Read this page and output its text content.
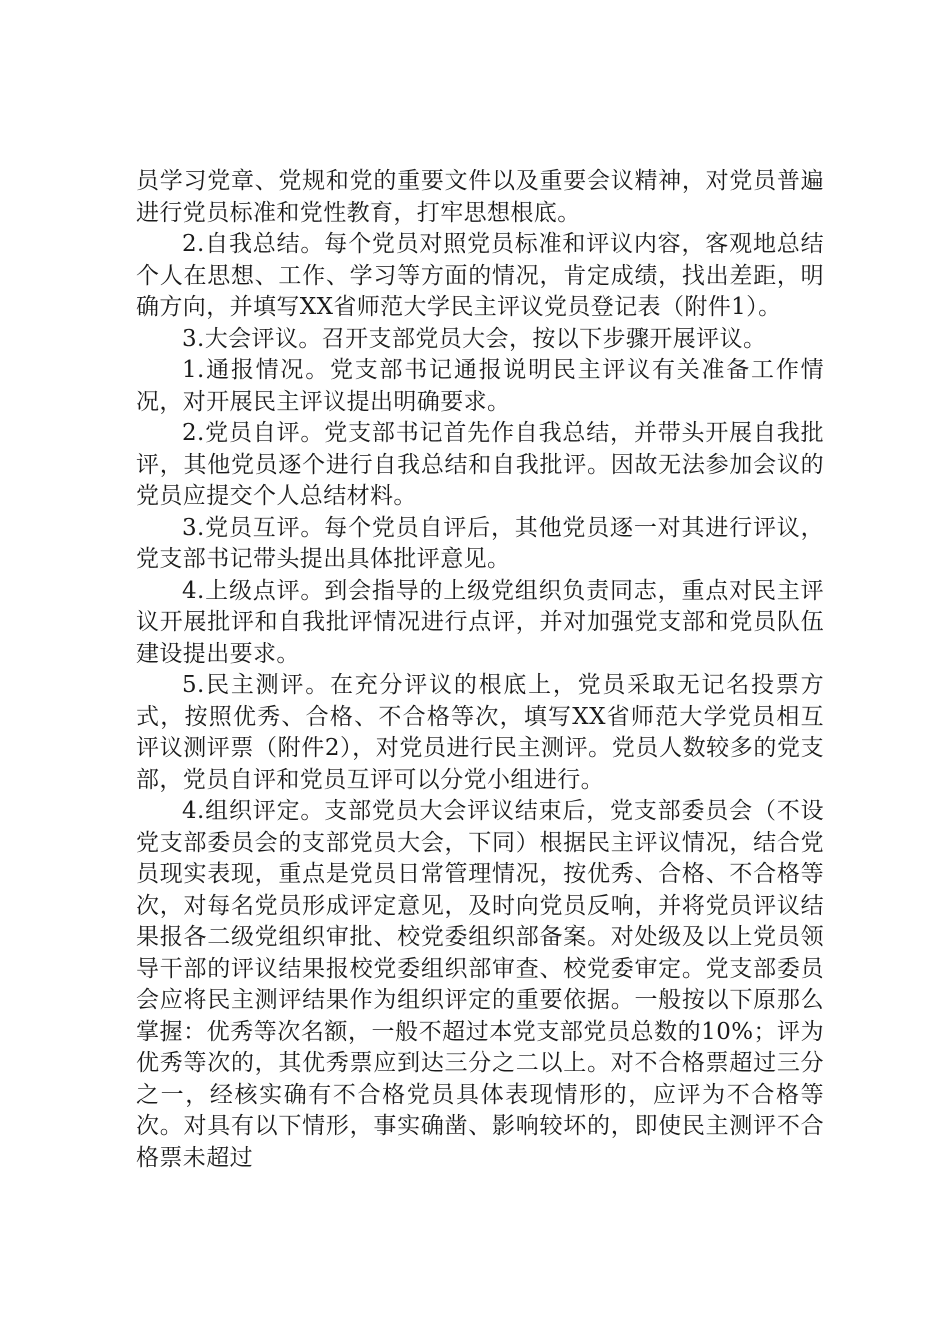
员学习党章、党规和党的重要文件以及重要会议精神，对党员普遍进行党员标准和党性教育，打牢思想根底。

2.自我总结。每个党员对照党员标准和评议内容，客观地总结个人在思想、工作、学习等方面的情况，肯定成绩，找出差距，明确方向，并填写XX省师范大学民主评议党员登记表（附件1）。

3.大会评议。召开支部党员大会，按以下步骤开展评议。

1.通报情况。党支部书记通报说明民主评议有关准备工作情况，对开展民主评议提出明确要求。

2.党员自评。党支部书记首先作自我总结，并带头开展自我批评，其他党员逐个进行自我总结和自我批评。因故无法参加会议的党员应提交个人总结材料。

3.党员互评。每个党员自评后，其他党员逐一对其进行评议，党支部书记带头提出具体批评意见。

4.上级点评。到会指导的上级党组织负责同志，重点对民主评议开展批评和自我批评情况进行点评，并对加强党支部和党员队伍建设提出要求。

5.民主测评。在充分评议的根底上，党员采取无记名投票方式，按照优秀、合格、不合格等次，填写XX省师范大学党员相互评议测评票（附件2），对党员进行民主测评。党员人数较多的党支部，党员自评和党员互评可以分党小组进行。

4.组织评定。支部党员大会评议结束后，党支部委员会（不设党支部委员会的支部党员大会，下同）根据民主评议情况，结合党员现实表现，重点是党员日常管理情况，按优秀、合格、不合格等次，对每名党员形成评定意见，及时向党员反响，并将党员评议结果报各二级党组织审批、校党委组织部备案。对处级及以上党员领导干部的评议结果报校党委组织部审查、校党委审定。党支部委员会应将民主测评结果作为组织评定的重要依据。一般按以下原那么掌握：优秀等次名额，一般不超过本党支部党员总数的10%；评为优秀等次的，其优秀票应到达三分之二以上。对不合格票超过三分之一，经核实确有不合格党员具体表现情形的，应评为不合格等次。对具有以下情形，事实确凿、影响较坏的，即使民主测评不合格票未超过
